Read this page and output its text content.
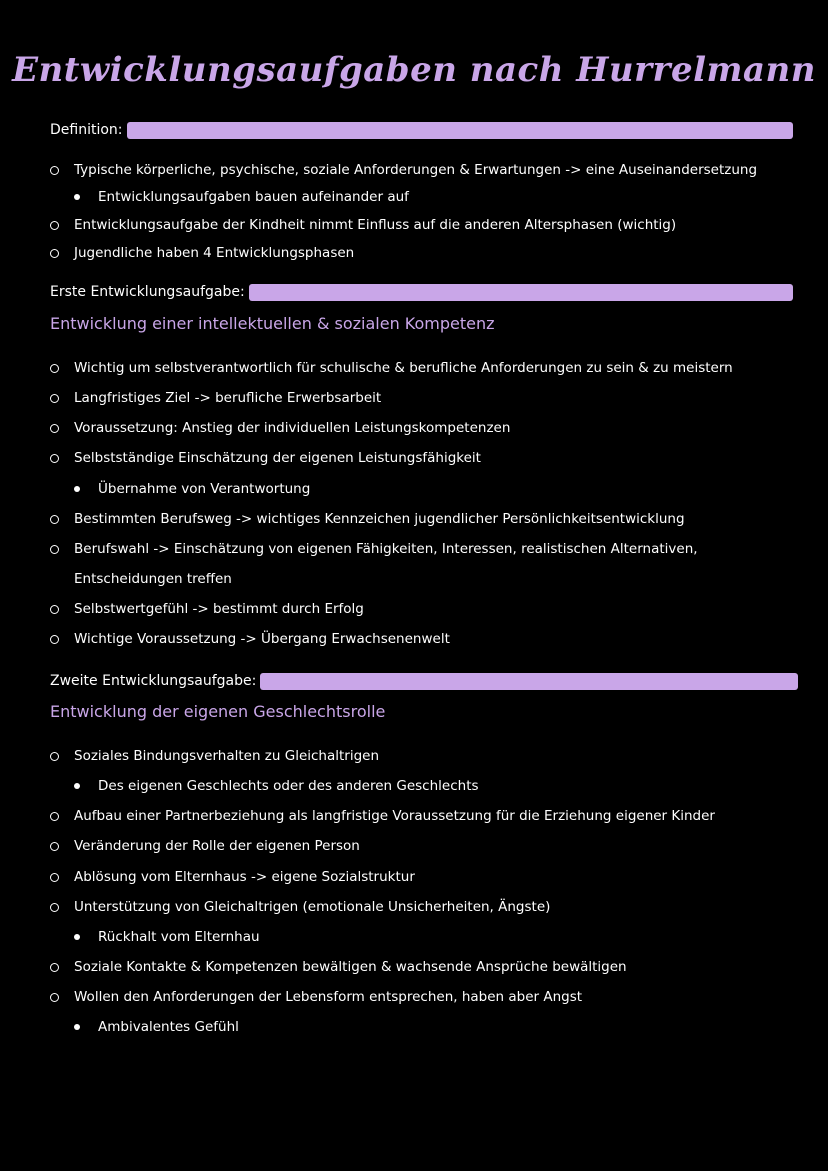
Entwicklungsaufgaben nach Hurrelmann
Definition:
Typische körperliche, psychische, soziale Anforderungen & Erwartungen -> eine Auseinandersetzung
Entwicklungsaufgaben bauen aufeinander auf
Entwicklungsaufgabe der Kindheit nimmt Einfluss auf die anderen Altersphasen (wichtig)
Jugendliche haben 4 Entwicklungsphasen
Erste Entwicklungsaufgabe:
Entwicklung einer intellektuellen & sozialen Kompetenz
Wichtig um selbstverantwortlich für schulische & berufliche Anforderungen zu sein & zu meistern
Langfristiges Ziel -> berufliche Erwerbsarbeit
Voraussetzung: Anstieg der individuellen Leistungskompetenzen
Selbstständige Einschätzung der eigenen Leistungsfähigkeit
Übernahme von Verantwortung
Bestimmten Berufsweg -> wichtiges Kennzeichen jugendlicher Persönlichkeitsentwicklung
Berufswahl -> Einschätzung von eigenen Fähigkeiten, Interessen, realistischen Alternativen, Entscheidungen treffen
Selbstwertgefühl -> bestimmt durch Erfolg
Wichtige Voraussetzung -> Übergang Erwachsenenwelt
Zweite Entwicklungsaufgabe:
Entwicklung der eigenen Geschlechtsrolle
Soziales Bindungsverhalten zu Gleichaltrigen
Des eigenen Geschlechts oder des anderen Geschlechts
Aufbau einer Partnerbeziehung als langfristige Voraussetzung für die Erziehung eigener Kinder
Veränderung der Rolle der eigenen Person
Ablösung vom Elternhaus -> eigene Sozialstruktur
Unterstützung von Gleichaltrigen (emotionale Unsicherheiten, Ängste)
Rückhalt vom Elternhau
Soziale Kontakte & Kompetenzen bewältigen & wachsende Ansprüche bewältigen
Wollen den Anforderungen der Lebensform entsprechen, haben aber Angst
Ambivalentes Gefühl
